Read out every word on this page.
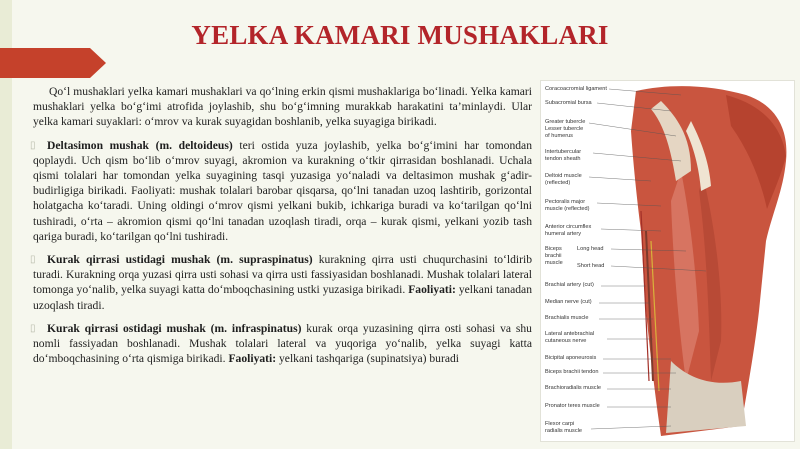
YELKA KAMARI MUSHAKLARI

Qo‘l mushaklari yelka kamari mushaklari va qo‘lning erkin qismi mushaklariga bo‘linadi. Yelka kamari mushaklari yelka bo‘g‘imi atrofida joylashib, shu bo‘g‘imning murakkab harakatini ta’minlaydi. Ular yelka kamari suyaklari: o‘mrov va kurak suyagidan boshlanib, yelka suyagiga birikadi.

▯ Deltasimon mushak (m. deltoideus) teri ostida yuza joylashib, yelka bo‘g‘imini har tomondan qoplaydi. Uch qism bo‘lib o‘mrov suyagi, akromion va kurakning o‘tkir qirrasidan boshlanadi. Uchala qismi tolalari har tomondan yelka suyagining tasqi yuzasiga yo‘naladi va deltasimon mushak g‘adir-budirligiga birikadi. Faoliyati: mushak tolalari barobar qisqarsa, qo‘lni tanadan uzoq lashtirib, gorizontal holatgacha ko‘taradi. Uning oldingi o‘mrov qismi yelkani bukib, ichkariga buradi va ko‘tarilgan qo‘lni tushiradi, o‘rta – akromion qismi qo‘lni tanadan uzoqlash tiradi, orqa – kurak qismi, yelkani yozib tash qariga buradi, ko‘tarilgan qo‘lni tushiradi.

▯ Kurak qirrasi ustidagi mushak (m. supraspinatus) kurakning qirra usti chuqurchasini to‘ldirib turadi. Kurakning orqa yuzasi qirra usti sohasi va qirra usti fassiyasidan boshlanadi. Mushak tolalari lateral tomonga yo‘nalib, yelka suyagi katta do‘mboqchasining ustki yuzasiga birikadi. Faoliyati: yelkani tanadan uzoqlash tiradi.

▯ Kurak qirrasi ostidagi mushak (m. infraspinatus) kurak orqa yuzasining qirra osti sohasi va shu nomli fassiyadan boshlanadi. Mushak tolalari lateral va yuqoriga yo‘nalib, yelka suyagi katta do‘mboqchasining o‘rta qismiga birikadi. Faoliyati: yelkani tashqariga (supinatsiya) buradi

Coracoacromial ligament
Subacromial bursa
Greater tubercle
Lesser tubercle
of humerus
Intertubercular
tendon sheath
Deltoid muscle
(reflected)
Pectoralis major
muscle (reflected)
Anterior circumflex
humeral artery
Biceps
brachii
muscle
Long head
Short head
Brachial artery (cut)
Median nerve (cut)
Brachialis muscle
Lateral antebrachial
cutaneous nerve
Bicipital aponeurosis
Biceps brachii tendon
Brachioradialis muscle
Pronator teres muscle
Flexor carpi
radialis muscle
